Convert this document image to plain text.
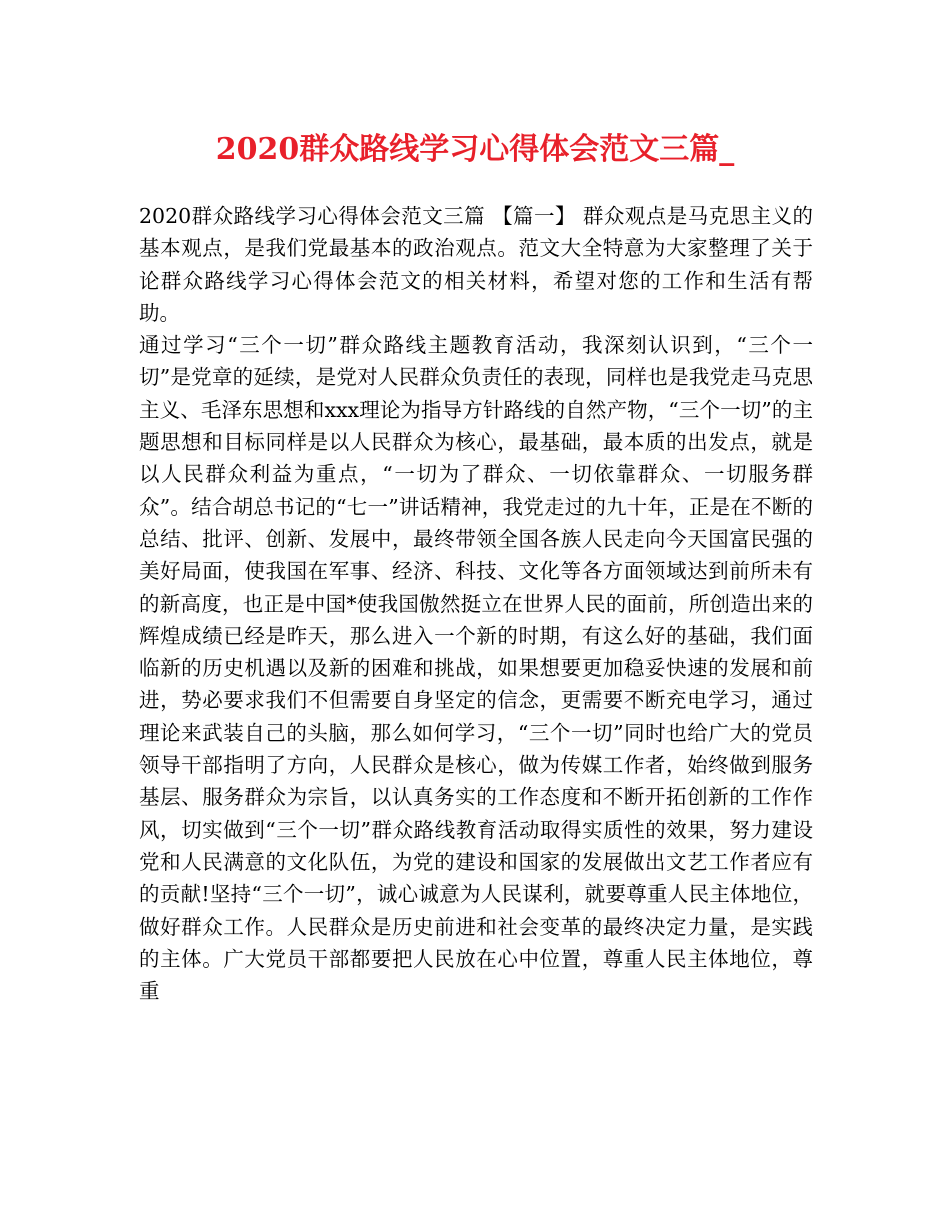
2020群众路线学习心得体会范文三篇_

2020群众路线学习心得体会范文三篇 【篇一】 群众观点是马克思主义的基本观点，是我们党最基本的政治观点。范文大全特意为大家整理了关于论群众路线学习心得体会范文的相关材料，希望对您的工作和生活有帮助。

通过学习“三个一切”群众路线主题教育活动，我深刻认识到，“三个一切”是党章的延续，是党对人民群众负责任的表现，同样也是我党走马克思主义、毛泽东思想和xxx理论为指导方针路线的自然产物，“三个一切”的主题思想和目标同样是以人民群众为核心，最基础，最本质的出发点，就是以人民群众利益为重点，“一切为了群众、一切依靠群众、一切服务群众”。结合胡总书记的“七一”讲话精神，我党走过的九十年，正是在不断的总结、批评、创新、发展中，最终带领全国各族人民走向今天国富民强的美好局面，使我国在军事、经济、科技、文化等各方面领域达到前所未有的新高度，也正是中国*使我国傲然挺立在世界人民的面前，所创造出来的辉煌成绩已经是昨天，那么进入一个新的时期，有这么好的基础，我们面临新的历史机遇以及新的困难和挑战，如果想要更加稳妥快速的发展和前进，势必要求我们不但需要自身坚定的信念，更需要不断充电学习，通过理论来武装自己的头脑，那么如何学习，“三个一切”同时也给广大的党员领导干部指明了方向，人民群众是核心，做为传媒工作者，始终做到服务基层、服务群众为宗旨，以认真务实的工作态度和不断开拓创新的工作作风，切实做到“三个一切”群众路线教育活动取得实质性的效果，努力建设党和人民满意的文化队伍，为党的建设和国家的发展做出文艺工作者应有的贡献!坚持“三个一切”，诚心诚意为人民谋利，就要尊重人民主体地位，做好群众工作。人民群众是历史前进和社会变革的最终决定力量，是实践的主体。广大党员干部都要把人民放在心中位置，尊重人民主体地位，尊重
